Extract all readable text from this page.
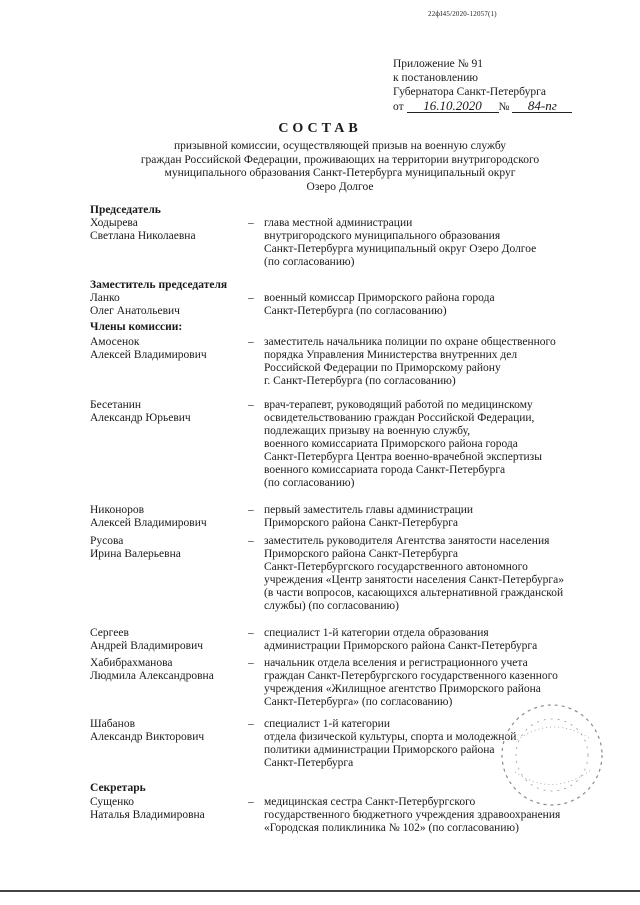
22фI45/2020-12057(1)
Приложение № 91
к постановлению
Губернатора Санкт-Петербурга
от 16.10.2020 № 84-пг
СОСТАВ
призывной комиссии, осуществляющей призыв на военную службу
граждан Российской Федерации, проживающих на территории внутригородского
муниципального образования Санкт-Петербурга муниципальный округ
Озеро Долгое
Председатель
Ходырева
Светлана Николаевна
– глава местной администрации
внутригородского муниципального образования
Санкт-Петербурга муниципальный округ Озеро Долгое
(по согласованию)
Заместитель председателя
Ланко
Олег Анатольевич
– военный комиссар Приморского района города
Санкт-Петербурга (по согласованию)
Члены комиссии:
Амосенок
Алексей Владимирович
– заместитель начальника полиции по охране общественного
порядка Управления Министерства внутренних дел
Российской Федерации по Приморскому району
г. Санкт-Петербурга (по согласованию)
Бесетанин
Александр Юрьевич
– врач-терапевт, руководящий работой по медицинскому
освидетельствованию граждан Российской Федерации,
подлежащих призыву на военную службу,
военного комиссариата Приморского района города
Санкт-Петербурга Центра военно-врачебной экспертизы
военного комиссариата города Санкт-Петербурга
(по согласованию)
Никоноров
Алексей Владимирович
– первый заместитель главы администрации
Приморского района Санкт-Петербурга
Русова
Ирина Валерьевна
– заместитель руководителя Агентства занятости населения
Приморского района Санкт-Петербурга
Санкт-Петербургского государственного автономного
учреждения «Центр занятости населения Санкт-Петербурга»
(в части вопросов, касающихся альтернативной гражданской
службы) (по согласованию)
Сергеев
Андрей Владимирович
– специалист 1-й категории отдела образования
администрации Приморского района Санкт-Петербурга
Хабибрахманова
Людмила Александровна
– начальник отдела вселения и регистрационного учета
граждан Санкт-Петербургского государственного казенного
учреждения «Жилищное агентство Приморского района
Санкт-Петербурга» (по согласованию)
Шабанов
Александр Викторович
– специалист 1-й категории
отдела физической культуры, спорта и молодежной
политики администрации Приморского района
Санкт-Петербурга
Секретарь
Сущенко
Наталья Владимировна
– медицинская сестра Санкт-Петербургского
государственного бюджетного учреждения здравоохранения
«Городская поликлиника № 102» (по согласованию)
